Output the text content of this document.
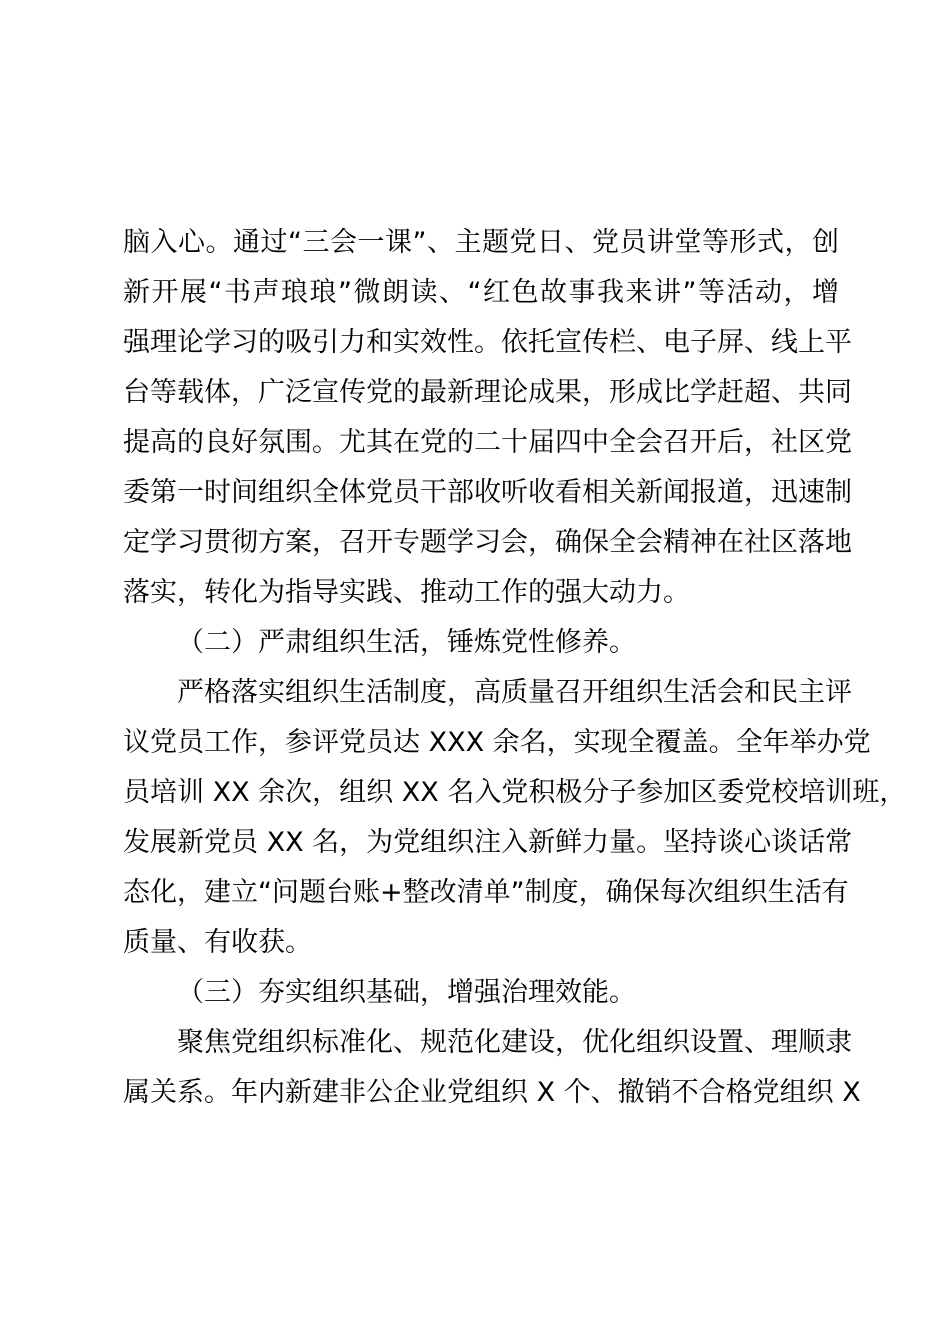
脑入心。通过“三会一课”、主题党日、党员讲堂等形式，创
新开展“书声琅琅”微朗读、“红色故事我来讲”等活动，增
强理论学习的吸引力和实效性。依托宣传栏、电子屏、线上平
台等载体，广泛宣传党的最新理论成果，形成比学赶超、共同
提高的良好氛围。尤其在党的二十届四中全会召开后，社区党
委第一时间组织全体党员干部收听收看相关新闻报道，迅速制
定学习贯彻方案，召开专题学习会，确保全会精神在社区落地
落实，转化为指导实践、推动工作的强大动力。
（二）严肃组织生活，锤炼党性修养。
严格落实组织生活制度，高质量召开组织生活会和民主评
议党员工作，参评党员达 XXX 余名，实现全覆盖。全年举办党
员培训 XX 余次，组织 XX 名入党积极分子参加区委党校培训班，
发展新党员 XX 名，为党组织注入新鲜力量。坚持谈心谈话常
态化，建立“问题台账+整改清单”制度，确保每次组织生活有
质量、有收获。
（三）夯实组织基础，增强治理效能。
聚焦党组织标准化、规范化建设，优化组织设置、理顺隶
属关系。年内新建非公企业党组织 X 个、撤销不合格党组织 X
